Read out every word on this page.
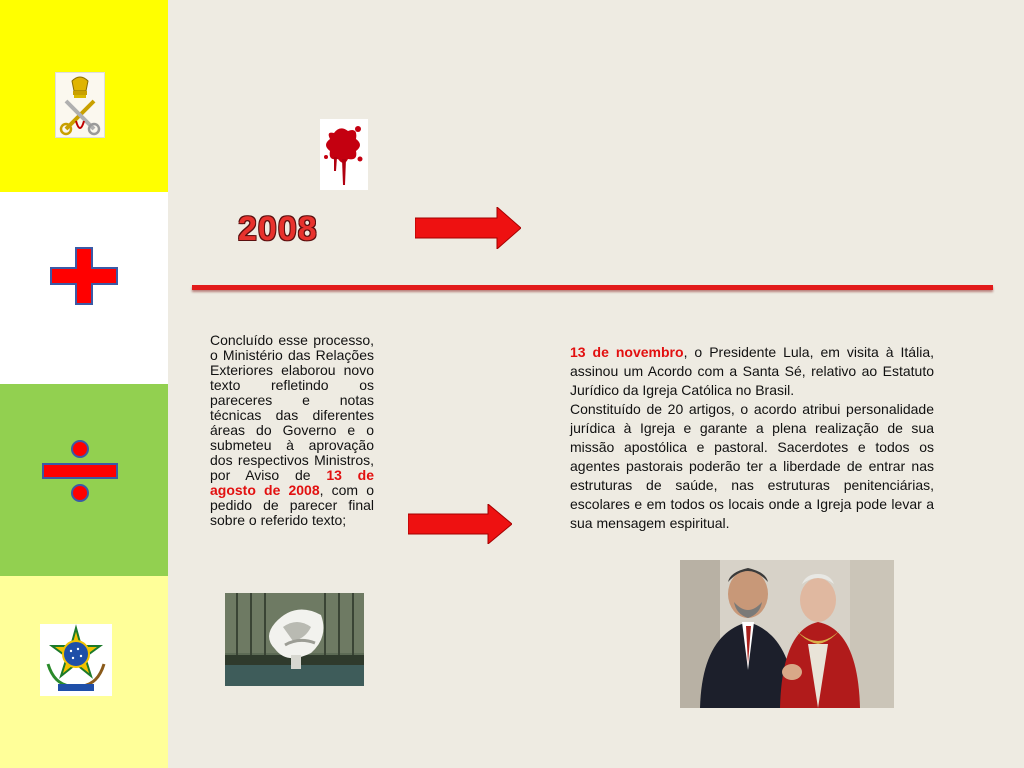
2008
Concluído esse processo, o Ministério das Relações Exteriores elaborou novo texto refletindo os pareceres e notas técnicas das diferentes áreas do Governo e o submeteu à aprovação dos respectivos Ministros, por Aviso de 13 de agosto de 2008, com o pedido de parecer final sobre o referido texto;

13 de novembro, o Presidente Lula, em visita à Itália, assinou um Acordo com a Santa Sé, relativo ao Estatuto Jurídico da Igreja Católica no Brasil.

Constituído de 20 artigos, o acordo atribui personalidade jurídica à Igreja e garante a plena realização de sua missão apostólica e pastoral. Sacerdotes e todos os agentes pastorais poderão ter a liberdade de entrar nas estruturas de saúde, nas estruturas penitenciárias, escolares e em todos os locais onde a Igreja pode levar a sua mensagem espiritual.
